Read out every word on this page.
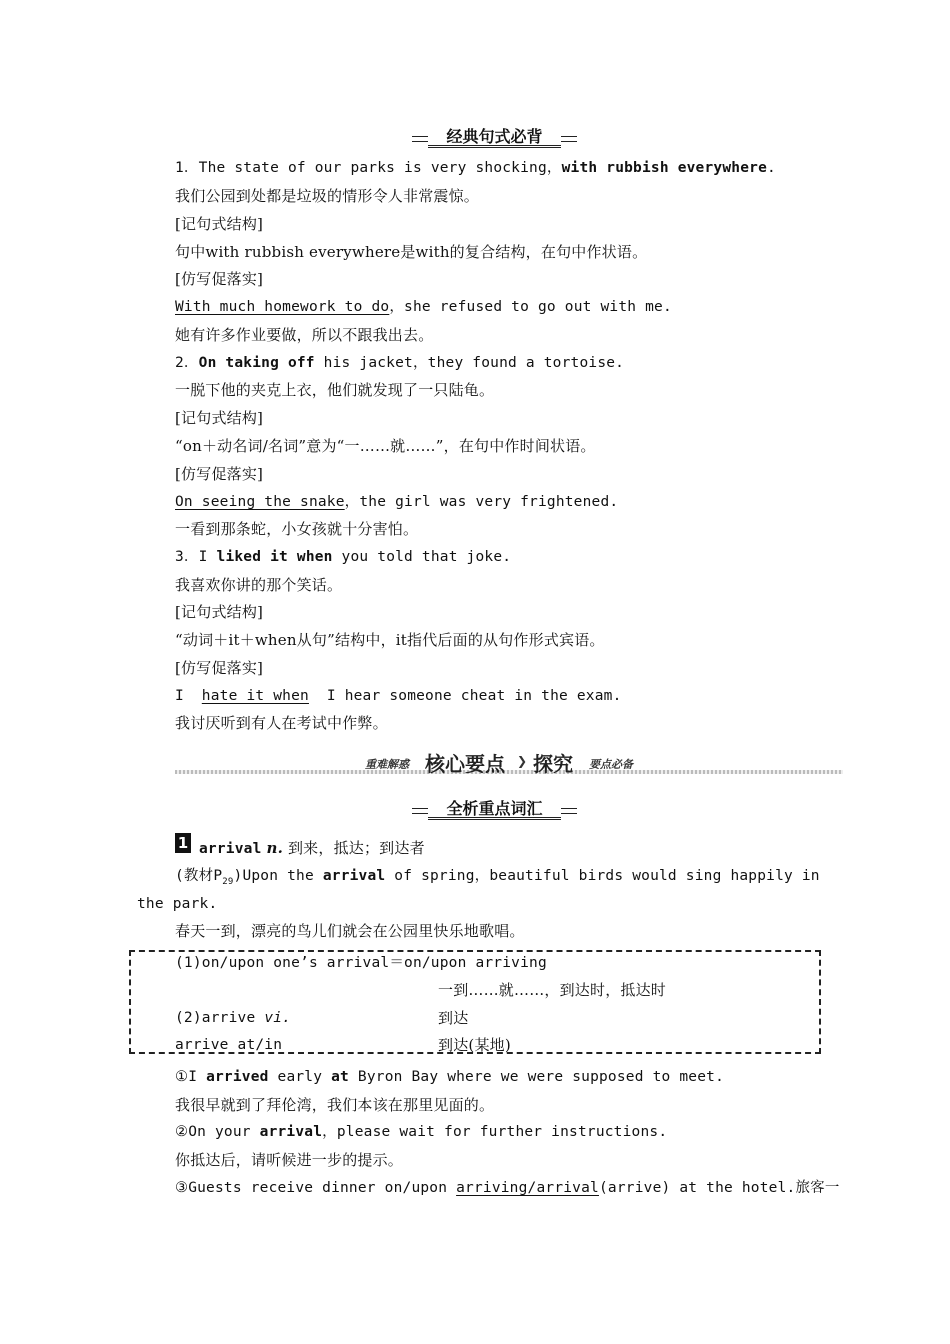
经典句式必背
1．The state of our parks is very shocking，with rubbish everywhere.
我们公园到处都是垃圾的情形令人非常震惊。
[记句式结构]
句中with rubbish everywhere是with的复合结构，在句中作状语。
[仿写促落实]
With much homework to do，she refused to go out with me.
她有许多作业要做，所以不跟我出去。
2．On taking off his jacket，they found a tortoise.
一脱下他的夹克上衣，他们就发现了一只陆龟。
[记句式结构]
“on＋动名词/名词”意为“一……就……”，在句中作时间状语。
[仿写促落实]
On seeing the snake，the girl was very frightened.
一看到那条蛇，小女孩就十分害怕。
3．I liked it when you told that joke.
我喜欢你讲的那个笑话。
[记句式结构]
“动词＋it＋when从句”结构中，it指代后面的从句作形式宾语。
[仿写促落实]
I  hate it when  I hear someone cheat in the exam.
我讨厌听到有人在考试中作弊。
重难解惑 核心要点 ❯ 探究 要点必备
全析重点词汇
1 arrival n. 到来，抵达；到达者
(教材$P_{29})Upon$ the arrival of spring，beautiful birds would sing happily in
the park.
春天一到，漂亮的鸟儿们就会在公园里快乐地歌唱。
(1)on/upon one’s arrival＝on/upon arriving
一到……就……，到达时，抵达时
(2)arrive vi.	到达
arrive at/in	到达(某地)
①I arrived early at Byron Bay where we were supposed to meet.
我很早就到了拜伦湾，我们本该在那里见面的。
②On your arrival，please wait for further instructions.
你抵达后，请听候进一步的提示。
③Guests receive dinner on/upon arriving/arrival(arrive) at the hotel.旅客一
